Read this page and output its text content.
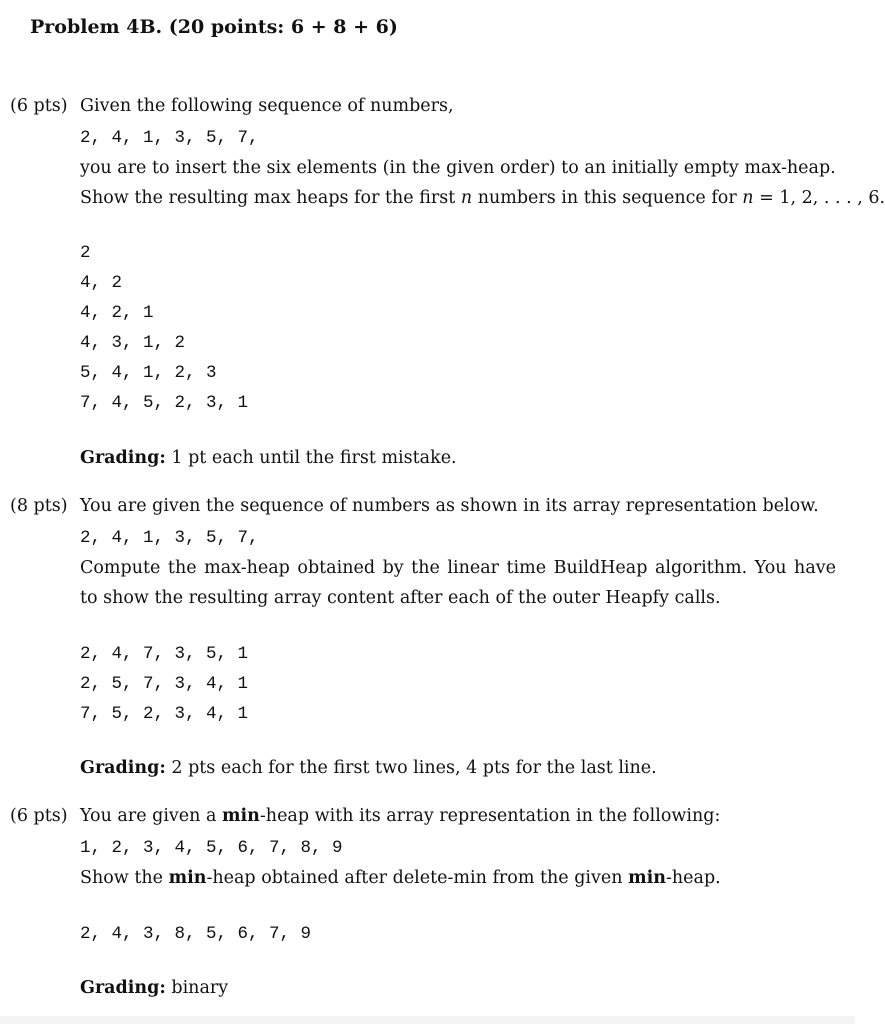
Problem 4B. (20 points: 6 + 8 + 6)
(6 pts) Given the following sequence of numbers,
2, 4, 1, 3, 5, 7,
you are to insert the six elements (in the given order) to an initially empty max-heap.
Show the resulting max heaps for the first n numbers in this sequence for n = 1, 2, . . . , 6.
2
4, 2
4, 2, 1
4, 3, 1, 2
5, 4, 1, 2, 3
7, 4, 5, 2, 3, 1
Grading: 1 pt each until the first mistake.
(8 pts) You are given the sequence of numbers as shown in its array representation below.
2, 4, 1, 3, 5, 7,
Compute the max-heap obtained by the linear time BuildHeap algorithm. You have
to show the resulting array content after each of the outer Heapfy calls.
2, 4, 7, 3, 5, 1
2, 5, 7, 3, 4, 1
7, 5, 2, 3, 4, 1
Grading: 2 pts each for the first two lines, 4 pts for the last line.
(6 pts) You are given a min-heap with its array representation in the following:
1, 2, 3, 4, 5, 6, 7, 8, 9
Show the min-heap obtained after delete-min from the given min-heap.
2, 4, 3, 8, 5, 6, 7, 9
Grading: binary
